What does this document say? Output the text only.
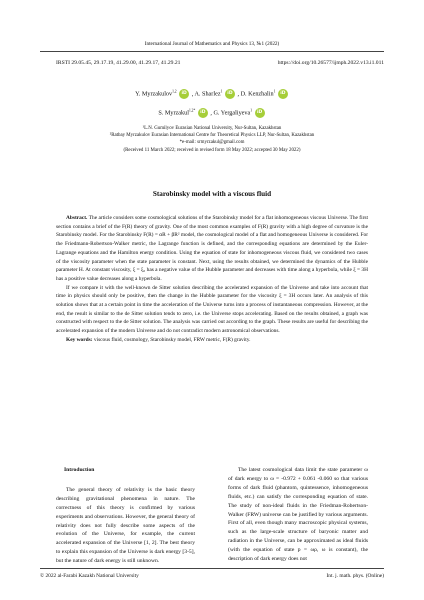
International Journal of Mathematics and Physics 13, №1 (2022)
IRSTI 29.05.45, 29.17.19, 41.29.00, 41.29.17, 41.29.21	https://doi.org/10.26577/ijmph.2022.v13.i1.011
Y. Myrzakulov$^{1,2}$ iD , A. Sharlez$^1$ iD , D. Kenzhalin$^1$ iD
S. Myrzakul$^{1,2*}$ iD , G. Yergaliyeva$^1$ iD
¹L.N. Gumilyov Eurasian National University, Nur-Sultan, Kazakhstan
²Ratbay Myrzakulov Eurasian International Centre for Theoretical Physics LLP, Nur-Sultan, Kazakhstan
*e-mail: srmyrzakul@gmail.com
(Received 11 March 2022; received in revised form 18 May 2022; accepted 30 May 2022)
Starobinsky model with a viscous fluid

Abstract. The article considers some cosmological solutions of the Starobinsky model for a flat inhomogeneous viscous Universe. The first section contains a brief of the F(R) theory of gravity. One of the most common examples of F(R) gravity with a high degree of curvature is the Starobinsky model. For the Starobinsky F(R) = αR + βR² model, the cosmological model of a flat and homogeneous Universe is considered. For the Friedmann-Robertson-Walker metric, the Lagrange function is defined, and the corresponding equations are determined by the Euler-Lagrange equations and the Hamilton energy condition. Using the equation of state for inhomogeneous viscous fluid, we considered two cases of the viscosity parameter when the state parameter is constant. Next, using the results obtained, we determined the dynamics of the Hubble parameter H. At constant viscosity, ξ = ξ₀ has a negative value of the Hubble parameter and decreases with time along a hyperbola, while ξ = 3H has a positive value decreases along a hyperbola.

If we compare it with the well-known de Sitter solution describing the accelerated expansion of the Universe and take into account that time in physics should only be positive, then the change in the Hubble parameter for the viscosity ξ = 3H occurs later. An analysis of this solution shows that at a certain point in time the acceleration of the Universe turns into a process of instantaneous compression. However, at the end, the result is similar to the de Sitter solution tends to zero, i.e. the Universe stops accelerating. Based on the results obtained, a graph was constructed with respect to the de Sitter solution. The analysis was carried out according to the graph. These results are useful for describing the accelerated expansion of the modern Universe and do not contradict modern astronomical observations.

Key words: viscous fluid, cosmology, Starobinsky model, FRW metric, F(R) gravity.

Introduction

The general theory of relativity is the basic theory describing gravitational phenomena in nature. The correctness of this theory is confirmed by various experiments and observations. However, the general theory of relativity does not fully describe some aspects of the evolution of the Universe, for example, the current accelerated expansion of the Universe [1, 2]. The best theory to explain this expansion of the Universe is dark energy [3-5], but the nature of dark energy is still unknown.

The latest cosmological data limit the state parameter ω of dark energy to ω = -0.972 + 0.061 -0.060 so that various forms of dark fluid (phantom, quintessence, inhomogeneous fluids, etc.) can satisfy the corresponding equation of state. The study of non-ideal fluids in the Friedman-Robertson-Walker (FRW) universe can be justified by various arguments. First of all, even though many macroscopic physical systems, such as the large-scale structure of baryonic matter and radiation in the Universe, can be approximated as ideal fluids (with the equation of state p = ωρ, ω is constant), the description of dark energy does not

© 2022 al-Farabi Kazakh National University	Int. j. math. phys. (Online)
